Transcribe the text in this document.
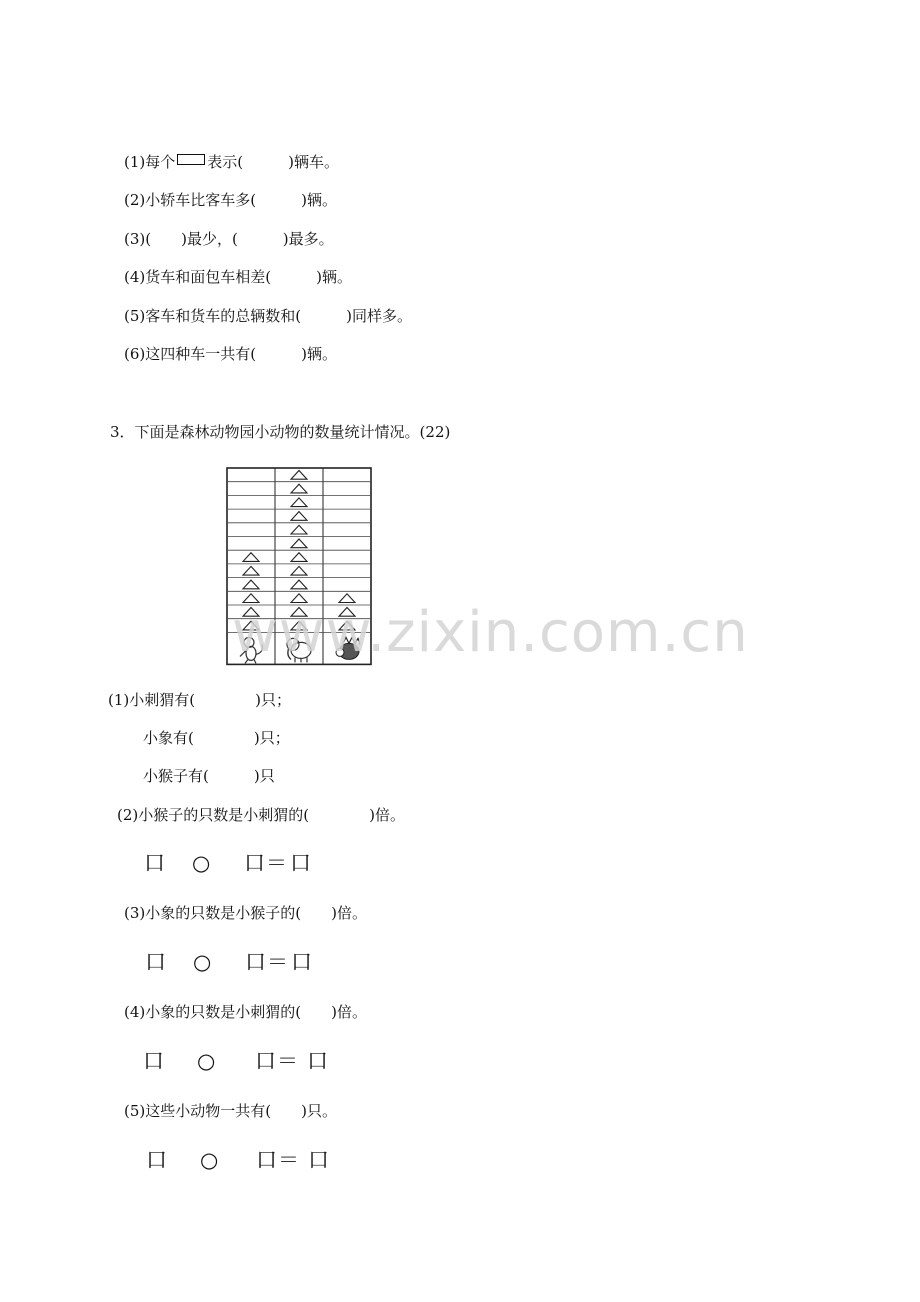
(1)每个 表示(　　　)辆车。
(2)小轿车比客车多(　　　)辆。
(3)(　　)最少，(　　　)最多。
(4)货车和面包车相差(　　　)辆。
(5)客车和货车的总辆数和(　　　)同样多。
(6)这四种车一共有(　　　)辆。
3．下面是森林动物园小动物的数量统计情况。(22)
www.zixin.com.cn
(1)小刺猬有(　　　　)只；
小象有(　　　　)只；
小猴子有(　　　)只
(2)小猴子的只数是小刺猬的(　　　　)倍。

口

○

口

＝

口

(3)小象的只数是小猴子的(　　)倍。

口

○

口

＝

口

(4)小象的只数是小刺猬的(　　)倍。

口

○

口

＝

口

(5)这些小动物一共有(　　)只。

口

○

口

＝

口
